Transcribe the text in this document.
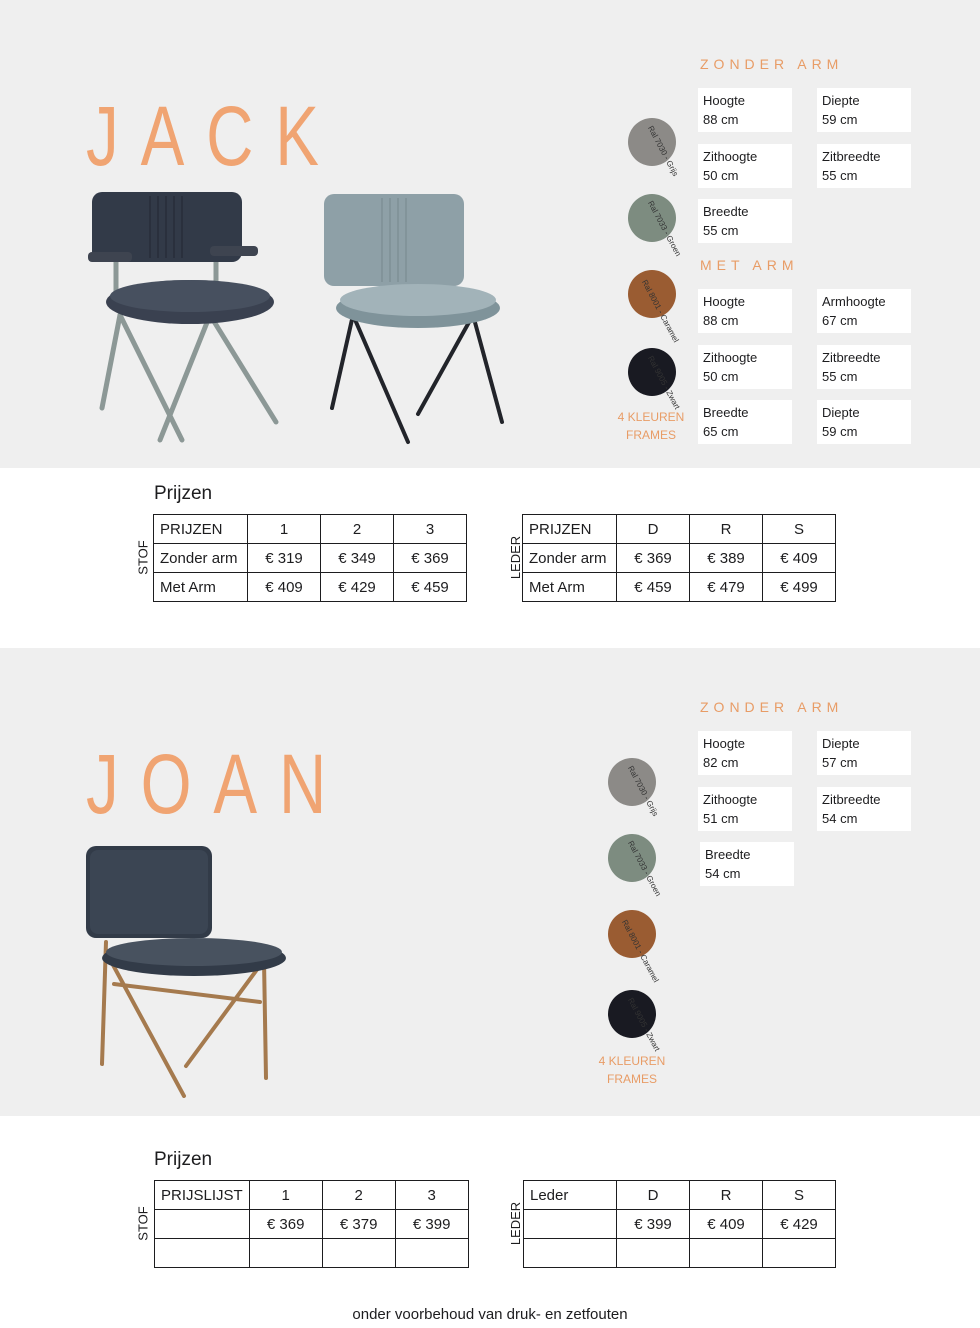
JACK	Ral 7030 - Grijs
Ral 7033 - Groen
Ral 8001 - Caramel
Ral 9005 - Zwart
4 KLEUREN
FRAMES
ZONDER ARM
MET ARM
Hoogte
88 cm
Diepte
59 cm
Zithoogte
50 cm
Zitbreedte
55 cm
Breedte
55 cm
Hoogte
88 cm
Armhoogte
67 cm
Zithoogte
50 cm
Zitbreedte
55 cm
Breedte
65 cm
Diepte
59 cm
Prijzen
STOF
PRIJZEN	1	2	3
Zonder arm	€ 319	€ 349	€ 369
Met Arm	€ 409	€ 429	€ 459
LEDER
PRIJZEN	D	R	S
Zonder arm	€ 369	€ 389	€ 409
Met Arm	€ 459	€ 479	€ 499
JOAN	Ral 7030 - Grijs
Ral 7033 - Groen
Ral 8001 - Caramel
Ral 9005 - Zwart
4 KLEUREN
FRAMES
ZONDER ARM
Hoogte
82 cm
Diepte
57 cm
Zithoogte
51 cm
Zitbreedte
54 cm
Breedte
54 cm
Prijzen
STOF
PRIJSLIJST	1	2	3
	€ 369	€ 379	€ 399
				LEDER
Leder	D	R	S
	€ 399	€ 409	€ 429

onder voorbehoud van druk- en zetfouten
